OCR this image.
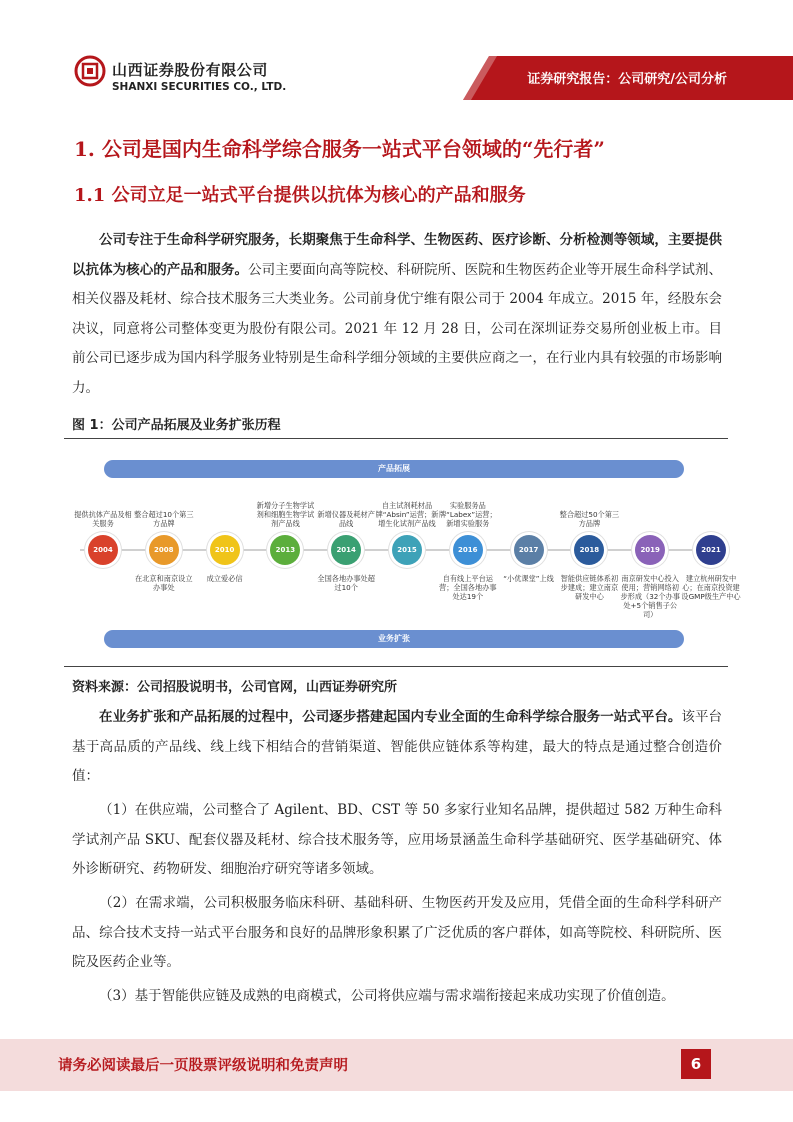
山西证券股份有限公司
SHANXI SECURITIES CO., LTD.	证券研究报告：公司研究/公司分析
1. 公司是国内生命科学综合服务一站式平台领域的“先行者”
1.1 公司立足一站式平台提供以抗体为核心的产品和服务

  公司专注于生命科学研究服务，长期聚焦于生命科学、生物医药、医疗诊断、分析检测等领域，主要提供以抗体为核心的产品和服务。公司主要面向高等院校、科研院所、医院和生物医药企业等开展生命科学试剂、相关仪器及耗材、综合技术服务三大类业务。公司前身优宁维有限公司于 2004 年成立。2015 年，经股东会决议，同意将公司整体变更为股份有限公司。2021 年 12 月 28 日，公司在深圳证券交易所创业板上市。目前公司已逐步成为国内科学服务业特别是生命科学细分领域的主要供应商之一，在行业内具有较强的市场影响力。

图 1：公司产品拓展及业务扩张历程
产品拓展
业务扩张
2004
提供抗体产品及相关服务
2008
整合超过10个第三方品牌
在北京和南京设立办事处
2010
成立爱必信
2013
新增分子生物学试剂和细胞生物学试剂产品线
2014
新增仪器及耗材产品线
全国各地办事处超过10个
2015
自主试剂耗材品牌“Absin”运营；新增生化试剂产品线
2016
实验服务品牌“Labex”运营；新增实验服务
自有线上平台运营；全国各地办事处达19个
2017
“小优课堂”上线
2018
整合超过50个第三方品牌
智能供应链体系初步建成；建立南京研发中心
2019
南京研发中心投入使用；营销网络初步形成（32个办事处+5个销售子公司）
2021
建立杭州研发中心；在南京投资建设GMP级生产中心
资料来源：公司招股说明书，公司官网，山西证券研究所

  在业务扩张和产品拓展的过程中，公司逐步搭建起国内专业全面的生命科学综合服务一站式平台。该平台基于高品质的产品线、线上线下相结合的营销渠道、智能供应链体系等构建，最大的特点是通过整合创造价值：

  （1）在供应端，公司整合了 Agilent、BD、CST 等 50 多家行业知名品牌，提供超过 582 万种生命科学试剂产品 SKU、配套仪器及耗材、综合技术服务等，应用场景涵盖生命科学基础研究、医学基础研究、体外诊断研究、药物研发、细胞治疗研究等诸多领域。

  （2）在需求端，公司积极服务临床科研、基础科研、生物医药开发及应用，凭借全面的生命科学科研产品、综合技术支持一站式平台服务和良好的品牌形象积累了广泛优质的客户群体，如高等院校、科研院所、医院及医药企业等。

  （3）基于智能供应链及成熟的电商模式，公司将供应端与需求端衔接起来成功实现了价值创造。

请务必阅读最后一页股票评级说明和免责声明	6
